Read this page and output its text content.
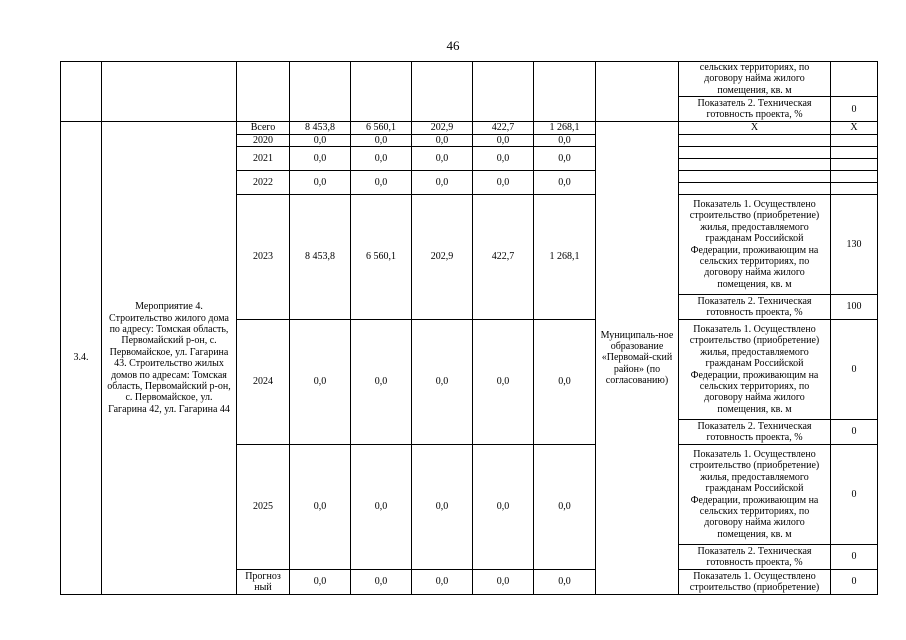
46
									сельских территориях, по договору найма жилого помещения, кв. м	
									Показатель 2. Техническая готовность проекта, %	0
3.4.	Мероприятие 4. Строительство жилого дома по адресу: Томская область, Первомайский р-он, с. Первомайское, ул. Гагарина 43. Строительство жилых домов по адресам: Томская область, Первомайский р-он, с. Первомайское, ул. Гагарина 42, ул. Гагарина 44	Всего	8 453,8	6 560,1	202,9	422,7	1 268,1	Муниципаль-ное образование «Первомай-ский район» (по согласованию)	X	X
		2020	0,0	0,0	0,0	0,0	0,0			
		2021	0,0	0,0	0,0	0,0	0,0			

		2022	0,0	0,0	0,0	0,0	0,0			

		2023	8 453,8	6 560,1	202,9	422,7	1 268,1		Показатель 1. Осуществлено строительство (приобретение) жилья, предоставляемого гражданам Российской Федерации, проживающим на сельских территориях, по договору найма жилого помещения, кв. м	130
									Показатель 2. Техническая готовность проекта, %	100
		2024	0,0	0,0	0,0	0,0	0,0		Показатель 1. Осуществлено строительство (приобретение) жилья, предоставляемого гражданам Российской Федерации, проживающим на сельских территориях, по договору найма жилого помещения, кв. м	0
									Показатель 2. Техническая готовность проекта, %	0
		2025	0,0	0,0	0,0	0,0	0,0		Показатель 1. Осуществлено строительство (приобретение) жилья, предоставляемого гражданам Российской Федерации, проживающим на сельских территориях, по договору найма жилого помещения, кв. м	0
									Показатель 2. Техническая готовность проекта, %	0
		Прогноз ный	0,0	0,0	0,0	0,0	0,0		Показатель 1. Осуществлено строительство (приобретение)	0
